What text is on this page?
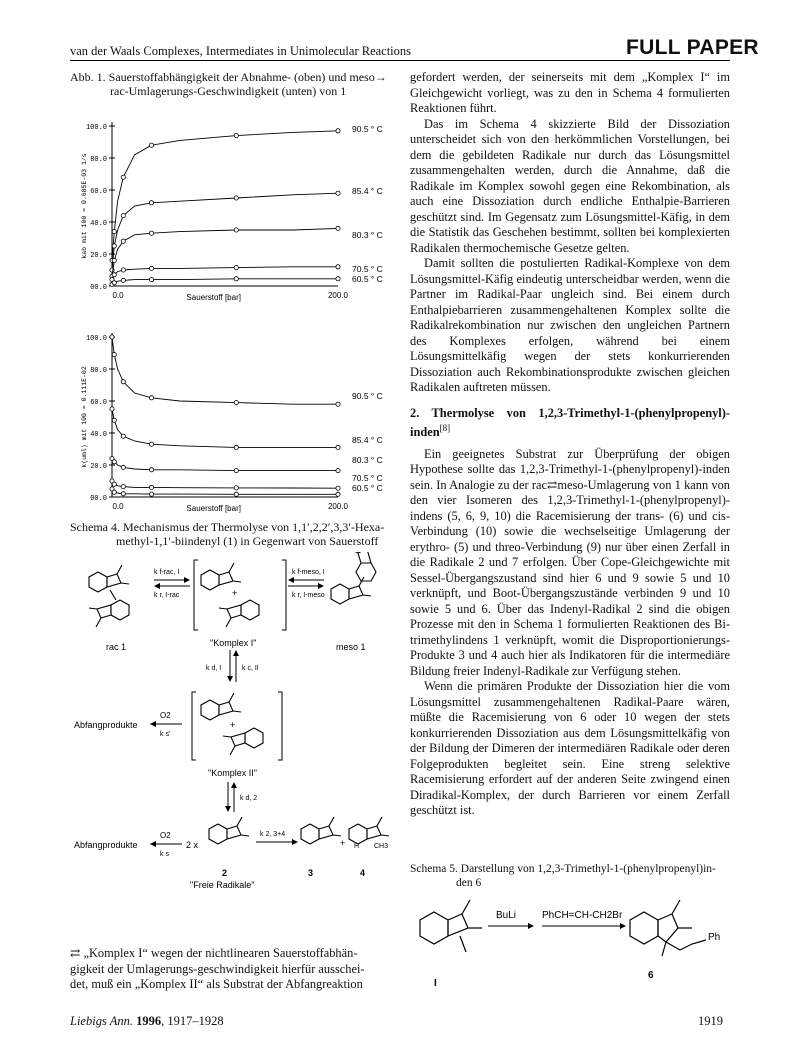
van der Waals Complexes, Intermediates in Unimolecular Reactions	FULL PAPER
Abb. 1. Sauerstoffabhängigkeit der Abnahme- (oben) und meso→
rac-Umlagerungs-Geschwindigkeit (unten) von 1
00.0
20.0
40.0
60.0
80.0
100.0
0.0	200.0
Sauerstoff [bar]
kab mit 100 = 0.685E-03 1/s
90.5 ° C
85.4 ° C
80.3 ° C
70.5 ° C
60.5 ° C
00.0
20.0
40.0
60.0
80.0
100.0
0.0	200.0
Sauerstoff [bar]
k(uml) mit 100 = 0.111E-02	90.5 ° C
85.4 ° C
80.3 ° C
70.5 ° C
60.5 ° C
Schema 4. Mechanismus der Thermolyse von 1,1′,2,2′,3,3′-Hexa-
methyl-1,1′-biindenyl (1) in Gegenwart von Sauerstoff
rac 1
k f-rac, I
k r, I-rac	+
"Komplex I"
k f-meso, I
k r, I-meso
meso 1
k d, I	k c, II
Abfangprodukte
O2
k s'
+
"Komplex II"
k d, 2
Abfangprodukte
O2
k s
2 x
2
"Freie Radikale"
k 2, 3+4
3
+ H CH3
4
⇄ „Komplex I“ wegen der nichtlinearen Sauerstoffabhän-
gigkeit der Umlagerungs-geschwindigkeit hierfür ausschei-
det, muß ein „Komplex II“ als Substrat der Abfangreaktion

gefordert werden, der seinerseits mit dem „Komplex I“ im Gleichgewicht vorliegt, was zu den in Schema 4 formulierten Reaktionen führt.

Das im Schema 4 skizzierte Bild der Dissoziation unterscheidet sich von den herkömmlichen Vorstellungen, bei dem die gebildeten Radikale nur durch das Lösungsmittel zusammengehalten werden, durch die Annahme, daß die Radikale im Komplex sowohl gegen eine Rekombination, als auch eine Dissoziation durch endliche Enthalpie-Barrieren geschützt sind. Im Gegensatz zum Lösungsmittel-Käfig, in dem die Statistik das Geschehen bestimmt, sollten bei komplexierten Radikalen thermochemische Gesetze gelten.

Damit sollten die postulierten Radikal-Komplexe von dem Lösungsmittel-Käfig eindeutig unterscheidbar werden, wenn die Partner im Radikal-Paar ungleich sind. Bei einem durch Enthalpiebarrieren zusammengehaltenen Komplex sollte die Radikalrekombination nur zwischen den ungleichen Partnern des Komplexes erfolgen, während bei einem Lösungsmittelkäfig wegen der stets konkurrierenden Dissoziation auch Rekombinationsprodukte zwischen gleichen Radikalen auftreten müssen.

2. Thermolyse von 1,2,3-Trimethyl-1-(phenylpropenyl)-inden[8]

Ein geeignetes Substrat zur Überprüfung der obigen Hypothese sollte das 1,2,3-Trimethyl-1-(phenylpropenyl)-inden sein. In Analogie zu der rac⇄meso-Umlagerung von 1 kann von den vier Isomeren des 1,2,3-Trimethyl-1-(phenylpropenyl)-indens (5, 6, 9, 10) die Racemisierung der trans- (6) und cis-Verbindung (10) sowie die wechselseitige Umlagerung der erythro- (5) und threo-Verbindung (9) nur über einen Zerfall in die Radikale 2 und 7 erfolgen. Über Cope-Gleichgewichte mit Sessel-Übergangszustand sind hier 6 und 9 sowie 5 und 10 verknüpft, und Boot-Übergangszustände verbinden 9 und 10 sowie 5 und 6. Über das Indenyl-Radikal 2 sind die obigen Prozesse mit den in Schema 1 formulierten Reaktionen des Bi-trimethylindens 1 verknüpft, womit die Disproportionierungs-Produkte 3 und 4 auch hier als Indikatoren für die intermediäre Bildung freier Indenyl-Radikale zur Verfügung stehen.

Wenn die primären Produkte der Dissoziation hier die vom Lösungsmittel zusammengehaltenen Radikal-Paare wären, müßte die Racemisierung von 6 oder 10 wegen der stets konkurrierenden Dissoziation aus dem Lösungsmittelkäfig von der Bildung der Dimeren der intermediären Radikale oder deren Folgeprodukten begleitet sein. Eine streng selektive Racemisierung erfordert auf der anderen Seite zwingend einen Diradikal-Komplex, der durch Barrieren vor einem Zerfall geschützt ist.

Schema 5. Darstellung von 1,2,3-Trimethyl-1-(phenylpropenyl)in-
den 6
I
BuLi	PhCH=CH-CH2Br
Ph
6
Liebigs Ann. 1996, 1917–1928	1919
